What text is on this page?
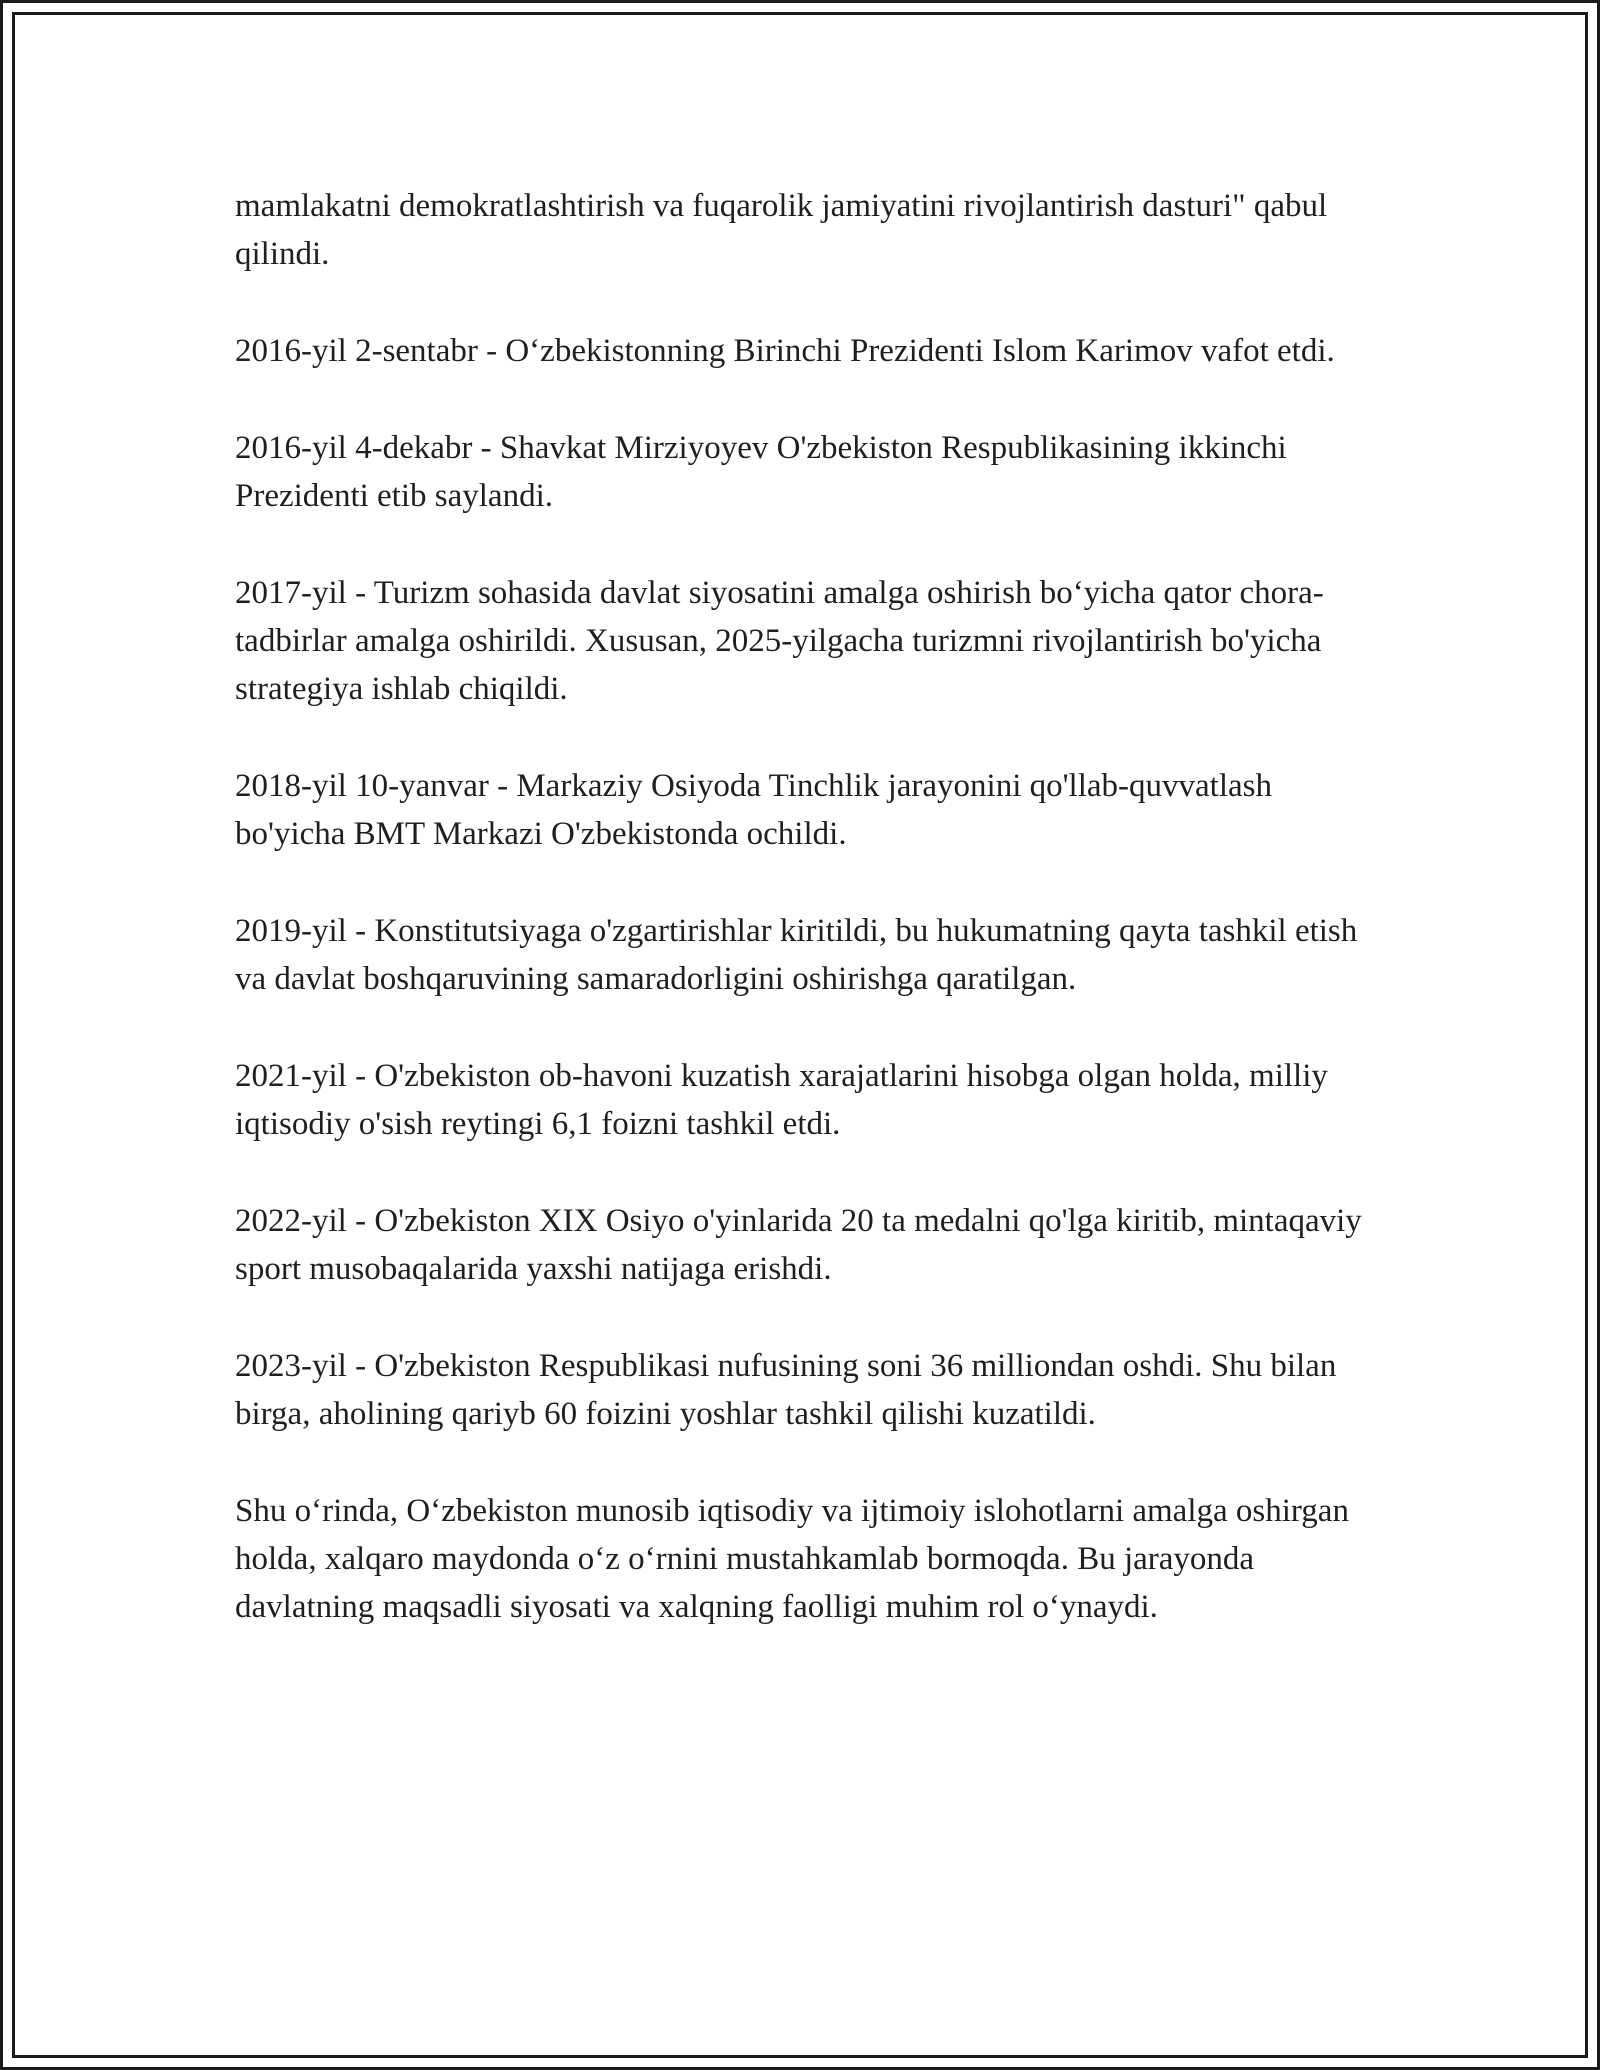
mamlakatni demokratlashtirish va fuqarolik jamiyatini rivojlantirish dasturi" qabul qilindi.

2016-yil 2-sentabr - O‘zbekistonning Birinchi Prezidenti Islom Karimov vafot etdi.

2016-yil 4-dekabr - Shavkat Mirziyoyev O'zbekiston Respublikasining ikkinchi Prezidenti etib saylandi.

2017-yil - Turizm sohasida davlat siyosatini amalga oshirish bo‘yicha qator chora-tadbirlar amalga oshirildi. Xususan, 2025-yilgacha turizmni rivojlantirish bo'yicha strategiya ishlab chiqildi.

2018-yil 10-yanvar - Markaziy Osiyoda Tinchlik jarayonini qo'llab-quvvatlash bo'yicha BMT Markazi O'zbekistonda ochildi.

2019-yil - Konstitutsiyaga o'zgartirishlar kiritildi, bu hukumatning qayta tashkil etish va davlat boshqaruvining samaradorligini oshirishga qaratilgan.

2021-yil - O'zbekiston ob-havoni kuzatish xarajatlarini hisobga olgan holda, milliy iqtisodiy o'sish reytingi 6,1 foizni tashkil etdi.

2022-yil - O'zbekiston XIX Osiyo o'yinlarida 20 ta medalni qo'lga kiritib, mintaqaviy sport musobaqalarida yaxshi natijaga erishdi.

2023-yil - O'zbekiston Respublikasi nufusining soni 36 milliondan oshdi. Shu bilan birga, aholining qariyb 60 foizini yoshlar tashkil qilishi kuzatildi.

Shu o‘rinda, O‘zbekiston munosib iqtisodiy va ijtimoiy islohotlarni amalga oshirgan holda, xalqaro maydonda o‘z o‘rnini mustahkamlab bormoqda. Bu jarayonda davlatning maqsadli siyosati va xalqning faolligi muhim rol o‘ynaydi.
